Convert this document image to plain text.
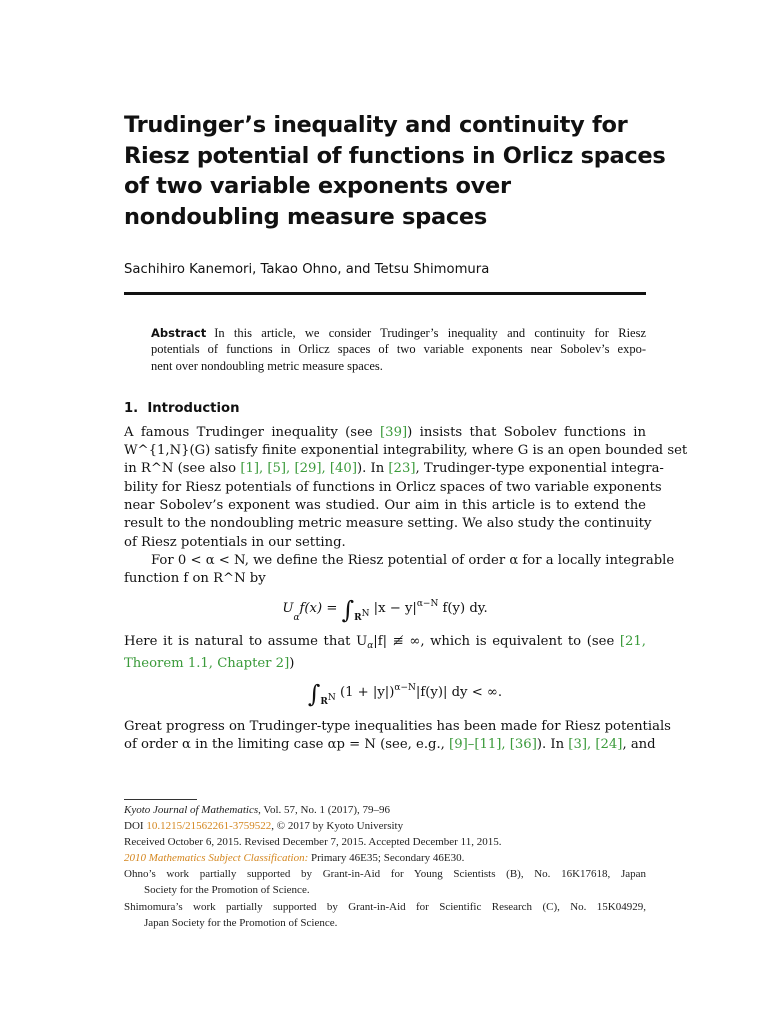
Trudinger’s inequality and continuity for
Riesz potential of functions in Orlicz spaces
of two variable exponents over
nondoubling measure spaces
Sachihiro Kanemori, Takao Ohno, and Tetsu Shimomura
Abstract In this article, we consider Trudinger’s inequality and continuity for Riesz
potentials of functions in Orlicz spaces of two variable exponents near Sobolev’s expo-
nent over nondoubling metric measure spaces.
1. Introduction
A famous Trudinger inequality (see [39]) insists that Sobolev functions in
W^{1,N}(G) satisfy finite exponential integrability, where G is an open bounded set
in R^N (see also [1], [5], [29], [40]). In [23], Trudinger-type exponential integra-
bility for Riesz potentials of functions in Orlicz spaces of two variable exponents
near Sobolev’s exponent was studied. Our aim in this article is to extend the
result to the nondoubling metric measure setting. We also study the continuity
of Riesz potentials in our setting.
For 0 < α < N, we define the Riesz potential of order α for a locally integrable
function f on R^N by
$U_\alpha f(x) = \int_{RN}$ $|x - y|^{\alpha-N}$ f(y) dy.
Here it is natural to assume that $U_\alpha|f|$ ≢ ∞, which is equivalent to (see [21,
Theorem 1.1, Chapter 2])
$\int_{RN}$ $(1 + |y|)^{\alpha-N}|f(y)|$ dy < ∞.
Great progress on Trudinger-type inequalities has been made for Riesz potentials
of order α in the limiting case αp = N (see, e.g., [9]–[11], [36]). In [3], [24], and
Kyoto Journal of Mathematics, Vol. 57, No. 1 (2017), 79–96
DOI 10.1215/21562261-3759522, © 2017 by Kyoto University
Received October 6, 2015. Revised December 7, 2015. Accepted December 11, 2015.
2010 Mathematics Subject Classification: Primary 46E35; Secondary 46E30.
Ohno’s work partially supported by Grant-in-Aid for Young Scientists (B), No. 16K17618, Japan
Society for the Promotion of Science.
Shimomura’s work partially supported by Grant-in-Aid for Scientific Research (C), No. 15K04929,
Japan Society for the Promotion of Science.
